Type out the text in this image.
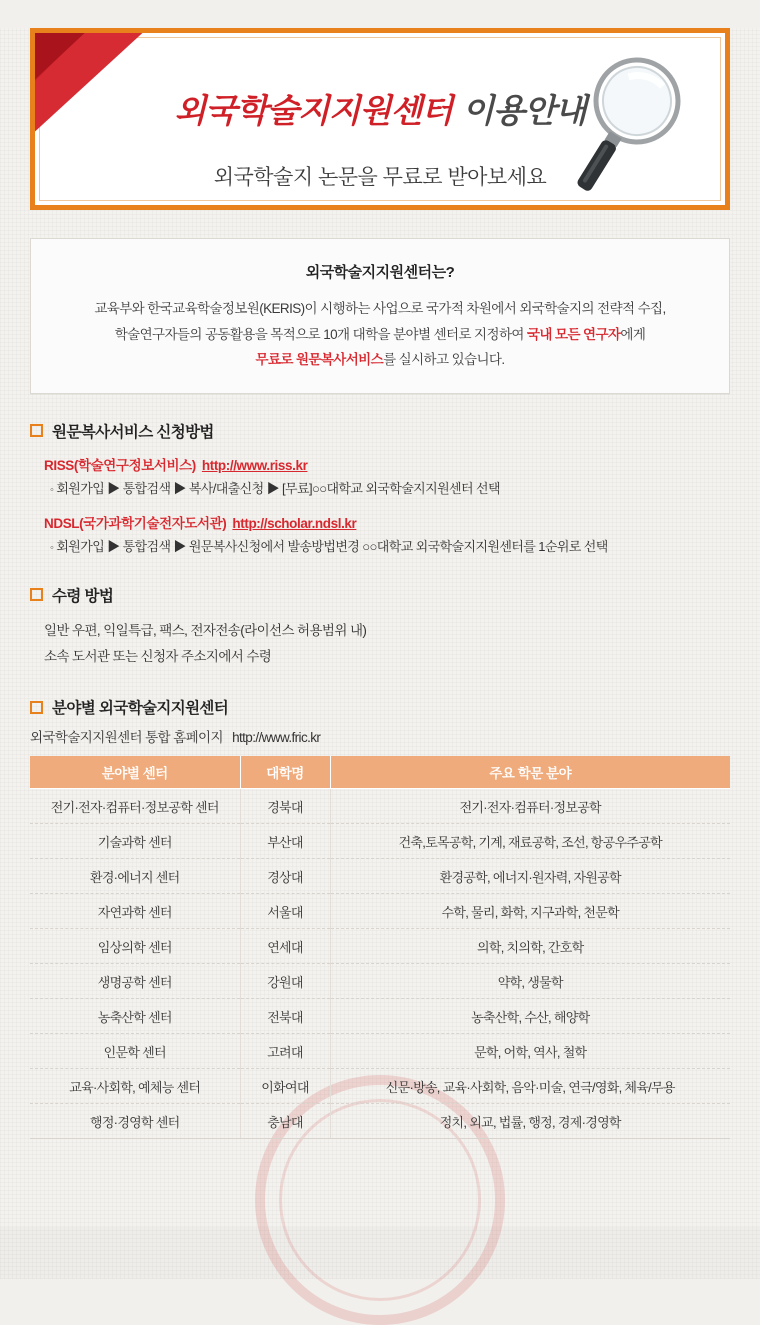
외국학술지지원센터 이용안내
외국학술지 논문을 무료로 받아보세요
외국학술지지원센터는?
교육부와 한국교육학술정보원(KERIS)이 시행하는 사업으로 국가적 차원에서 외국학술지의 전략적 수집,
학술연구자들의 공동활용을 목적으로 10개 대학을 분야별 센터로 지정하여 국내 모든 연구자에게
무료로 원문복사서비스를 실시하고 있습니다.
원문복사서비스 신청방법
RISS(학술연구정보서비스) http://www.riss.kr
◦ 회원가입 ▶ 통합검색 ▶ 복사/대출신청 ▶ [무료]○○대학교 외국학술지지원센터 선택
NDSL(국가과학기술전자도서관) http://scholar.ndsl.kr
◦ 회원가입 ▶ 통합검색 ▶ 원문복사신청에서 발송방법변경 ○○대학교 외국학술지지원센터를 1순위로 선택
수령 방법
일반 우편, 익일특급, 팩스, 전자전송(라이선스 허용범위 내)
소속 도서관 또는 신청자 주소지에서 수령
분야별 외국학술지지원센터
외국학술지지원센터 통합 홈페이지 http://www.fric.kr
분야별 센터	대학명	주요 학문 분야
전기·전자·컴퓨터·정보공학 센터	경북대	전기·전자·컴퓨터·정보공학
기술과학 센터	부산대	건축,토목공학, 기계, 재료공학, 조선, 항공우주공학
환경·에너지 센터	경상대	환경공학, 에너지·원자력, 자원공학
자연과학 센터	서울대	수학, 물리, 화학, 지구과학, 천문학
임상의학 센터	연세대	의학, 치의학, 간호학
생명공학 센터	강원대	약학, 생물학
농축산학 센터	전북대	농축산학, 수산, 해양학
인문학 센터	고려대	문학, 어학, 역사, 철학
교육·사회학, 예체능 센터	이화여대	신문·방송, 교육·사회학, 음악·미술, 연극/영화, 체육/무용
행정·경영학 센터	충남대	정치, 외교, 법률, 행정, 경제·경영학
